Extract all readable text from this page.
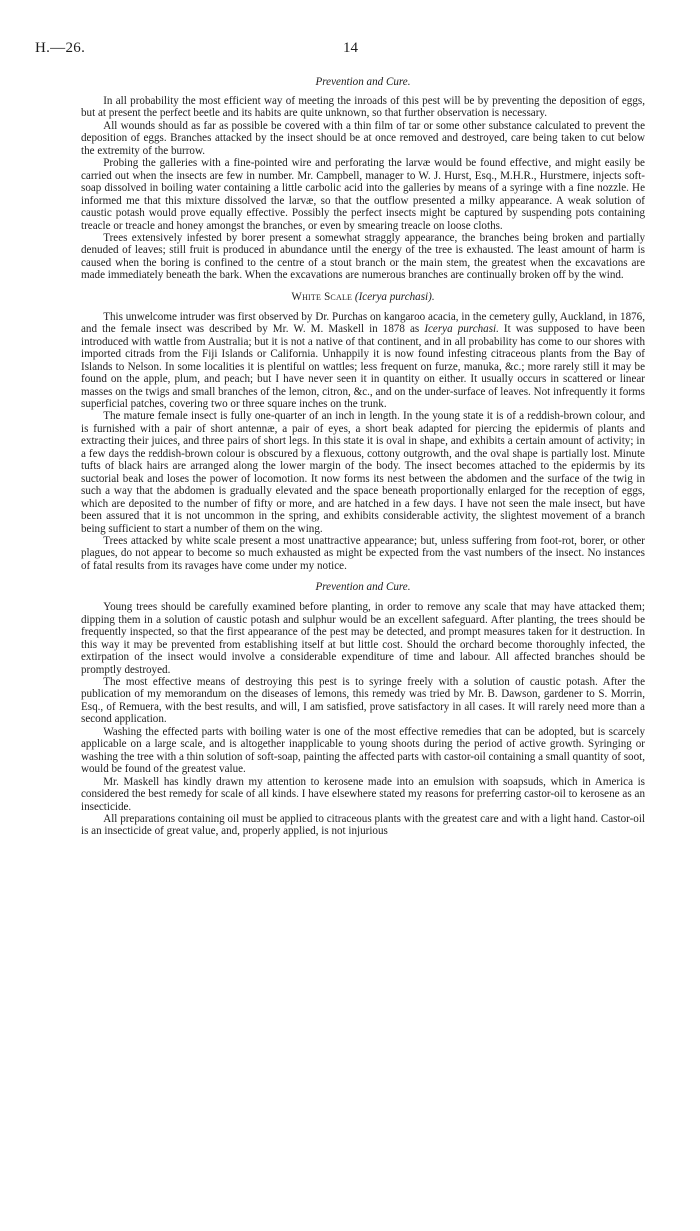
H.—26.	14
Prevention and Cure.

In all probability the most efficient way of meeting the inroads of this pest will be by preventing the deposition of eggs, but at present the perfect beetle and its habits are quite unknown, so that further observation is necessary.

All wounds should as far as possible be covered with a thin film of tar or some other substance calculated to prevent the deposition of eggs. Branches attacked by the insect should be at once removed and destroyed, care being taken to cut below the extremity of the burrow.

Probing the galleries with a fine-pointed wire and perforating the larvæ would be found effective, and might easily be carried out when the insects are few in number. Mr. Campbell, manager to W. J. Hurst, Esq., M.H.R., Hurstmere, injects soft-soap dissolved in boiling water containing a little carbolic acid into the galleries by means of a syringe with a fine nozzle. He informed me that this mixture dissolved the larvæ, so that the outflow presented a milky appearance. A weak solution of caustic potash would prove equally effective. Possibly the perfect insects might be captured by suspending pots containing treacle or treacle and honey amongst the branches, or even by smearing treacle on loose cloths.

Trees extensively infested by borer present a somewhat straggly appearance, the branches being broken and partially denuded of leaves; still fruit is produced in abundance until the energy of the tree is exhausted. The least amount of harm is caused when the boring is confined to the centre of a stout branch or the main stem, the greatest when the excavations are made immediately beneath the bark. When the excavations are numerous branches are continually broken off by the wind.

White Scale (Icerya purchasi).

This unwelcome intruder was first observed by Dr. Purchas on kangaroo acacia, in the cemetery gully, Auckland, in 1876, and the female insect was described by Mr. W. M. Maskell in 1878 as Icerya purchasi. It was supposed to have been introduced with wattle from Australia; but it is not a native of that continent, and in all probability has come to our shores with imported citrads from the Fiji Islands or California. Unhappily it is now found infesting citraceous plants from the Bay of Islands to Nelson. In some localities it is plentiful on wattles; less frequent on furze, manuka, &c.; more rarely still it may be found on the apple, plum, and peach; but I have never seen it in quantity on either. It usually occurs in scattered or linear masses on the twigs and small branches of the lemon, citron, &c., and on the under-surface of leaves. Not infrequently it forms superficial patches, covering two or three square inches on the trunk.

The mature female insect is fully one-quarter of an inch in length. In the young state it is of a reddish-brown colour, and is furnished with a pair of short antennæ, a pair of eyes, a short beak adapted for piercing the epidermis of plants and extracting their juices, and three pairs of short legs. In this state it is oval in shape, and exhibits a certain amount of activity; in a few days the reddish-brown colour is obscured by a flexuous, cottony outgrowth, and the oval shape is partially lost. Minute tufts of black hairs are arranged along the lower margin of the body. The insect becomes attached to the epidermis by its suctorial beak and loses the power of locomotion. It now forms its nest between the abdomen and the surface of the twig in such a way that the abdomen is gradually elevated and the space beneath proportionally enlarged for the reception of eggs, which are deposited to the number of fifty or more, and are hatched in a few days. I have not seen the male insect, but have been assured that it is not uncommon in the spring, and exhibits considerable activity, the slightest movement of a branch being sufficient to start a number of them on the wing.

Trees attacked by white scale present a most unattractive appearance; but, unless suffering from foot-rot, borer, or other plagues, do not appear to become so much exhausted as might be expected from the vast numbers of the insect. No instances of fatal results from its ravages have come under my notice.

Prevention and Cure.

Young trees should be carefully examined before planting, in order to remove any scale that may have attacked them; dipping them in a solution of caustic potash and sulphur would be an excellent safeguard. After planting, the trees should be frequently inspected, so that the first appearance of the pest may be detected, and prompt measures taken for it destruction. In this way it may be prevented from establishing itself at but little cost. Should the orchard become thoroughly infected, the extirpation of the insect would involve a considerable expenditure of time and labour. All affected branches should be promptly destroyed.

The most effective means of destroying this pest is to syringe freely with a solution of caustic potash. After the publication of my memorandum on the diseases of lemons, this remedy was tried by Mr. B. Dawson, gardener to S. Morrin, Esq., of Remuera, with the best results, and will, I am satisfied, prove satisfactory in all cases. It will rarely need more than a second application.

Washing the effected parts with boiling water is one of the most effective remedies that can be adopted, but is scarcely applicable on a large scale, and is altogether inapplicable to young shoots during the period of active growth. Syringing or washing the tree with a thin solution of soft-soap, painting the affected parts with castor-oil containing a small quantity of soot, would be found of the greatest value.

Mr. Maskell has kindly drawn my attention to kerosene made into an emulsion with soapsuds, which in America is considered the best remedy for scale of all kinds. I have elsewhere stated my reasons for preferring castor-oil to kerosene as an insecticide.

All preparations containing oil must be applied to citraceous plants with the greatest care and with a light hand. Castor-oil is an insecticide of great value, and, properly applied, is not injurious
